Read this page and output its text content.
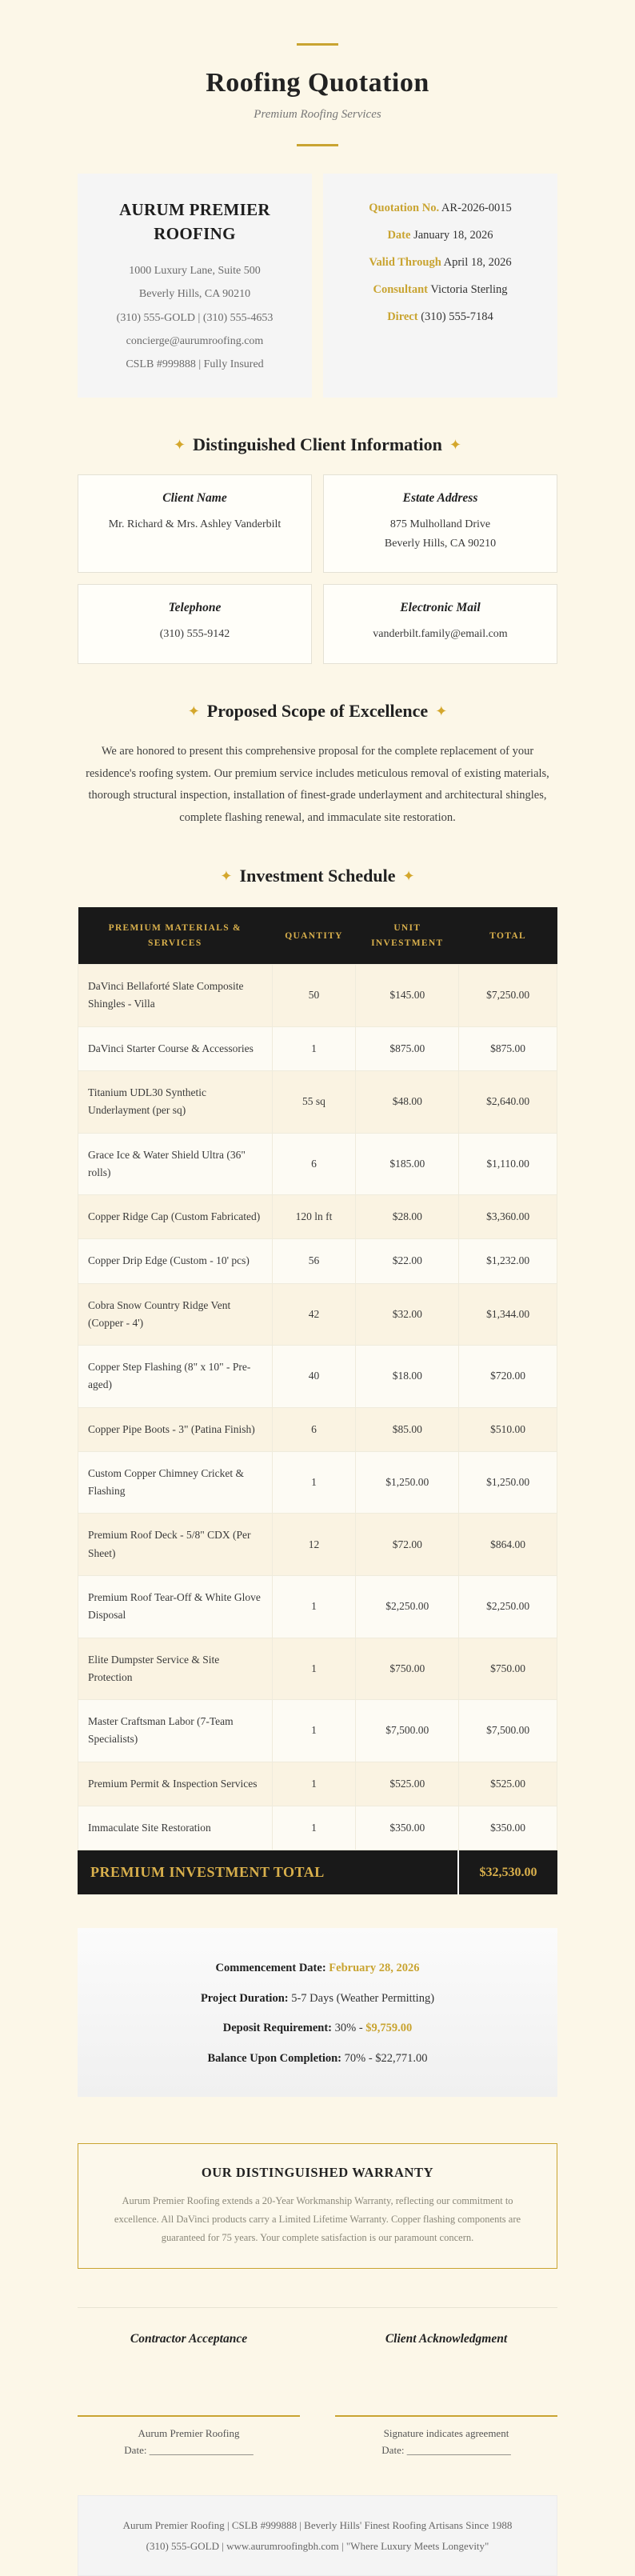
Roofing Quotation
Premium Roofing Services
AURUM PREMIER ROOFING
1000 Luxury Lane, Suite 500
Beverly Hills, CA 90210
(310) 555-GOLD | (310) 555-4653
concierge@aurumroofing.com
CSLB #999888 | Fully Insured
Quotation No. AR-2026-0015
Date January 18, 2026
Valid Through April 18, 2026
Consultant Victoria Sterling
Direct (310) 555-7184
✦ Distinguished Client Information ✦
Client Name
Mr. Richard & Mrs. Ashley Vanderbilt
Estate Address
875 Mulholland Drive
Beverly Hills, CA 90210
Telephone
(310) 555-9142
Electronic Mail
vanderbilt.family@email.com
✦ Proposed Scope of Excellence ✦

We are honored to present this comprehensive proposal for the complete replacement of your residence's roofing system. Our premium service includes meticulous removal of existing materials, thorough structural inspection, installation of finest-grade underlayment and architectural shingles, complete flashing renewal, and immaculate site restoration.

✦ Investment Schedule ✦
PREMIUM MATERIALS & SERVICES	QUANTITY	UNIT INVESTMENT	TOTAL
DaVinci Bellaforté Slate Composite Shingles - Villa	50	$145.00	$7,250.00
DaVinci Starter Course & Accessories	1	$875.00	$875.00
Titanium UDL30 Synthetic Underlayment (per sq)	55 sq	$48.00	$2,640.00
Grace Ice & Water Shield Ultra (36" rolls)	6	$185.00	$1,110.00
Copper Ridge Cap (Custom Fabricated)	120 ln ft	$28.00	$3,360.00
Copper Drip Edge (Custom - 10' pcs)	56	$22.00	$1,232.00
Cobra Snow Country Ridge Vent (Copper - 4')	42	$32.00	$1,344.00
Copper Step Flashing (8" x 10" - Pre-aged)	40	$18.00	$720.00
Copper Pipe Boots - 3" (Patina Finish)	6	$85.00	$510.00
Custom Copper Chimney Cricket & Flashing	1	$1,250.00	$1,250.00
Premium Roof Deck - 5/8" CDX (Per Sheet)	12	$72.00	$864.00
Premium Roof Tear-Off & White Glove Disposal	1	$2,250.00	$2,250.00
Elite Dumpster Service & Site Protection	1	$750.00	$750.00
Master Craftsman Labor (7-Team Specialists)	1	$7,500.00	$7,500.00
Premium Permit & Inspection Services	1	$525.00	$525.00
Immaculate Site Restoration	1	$350.00	$350.00
PREMIUM INVESTMENT TOTAL	$32,530.00
Commencement Date: February 28, 2026
Project Duration: 5-7 Days (Weather Permitting)
Deposit Requirement: 30% - $9,759.00
Balance Upon Completion: 70% - $22,771.00
OUR DISTINGUISHED WARRANTY
Aurum Premier Roofing extends a 20-Year Workmanship Warranty, reflecting our commitment to excellence. All DaVinci products carry a Limited Lifetime Warranty. Copper flashing components are guaranteed for 75 years. Your complete satisfaction is our paramount concern.
Contractor Acceptance
Aurum Premier Roofing
Date: ____________________
Client Acknowledgment
Signature indicates agreement
Date: ____________________
Aurum Premier Roofing | CSLB #999888 | Beverly Hills' Finest Roofing Artisans Since 1988
(310) 555-GOLD | www.aurumroofingbh.com | "Where Luxury Meets Longevity"
